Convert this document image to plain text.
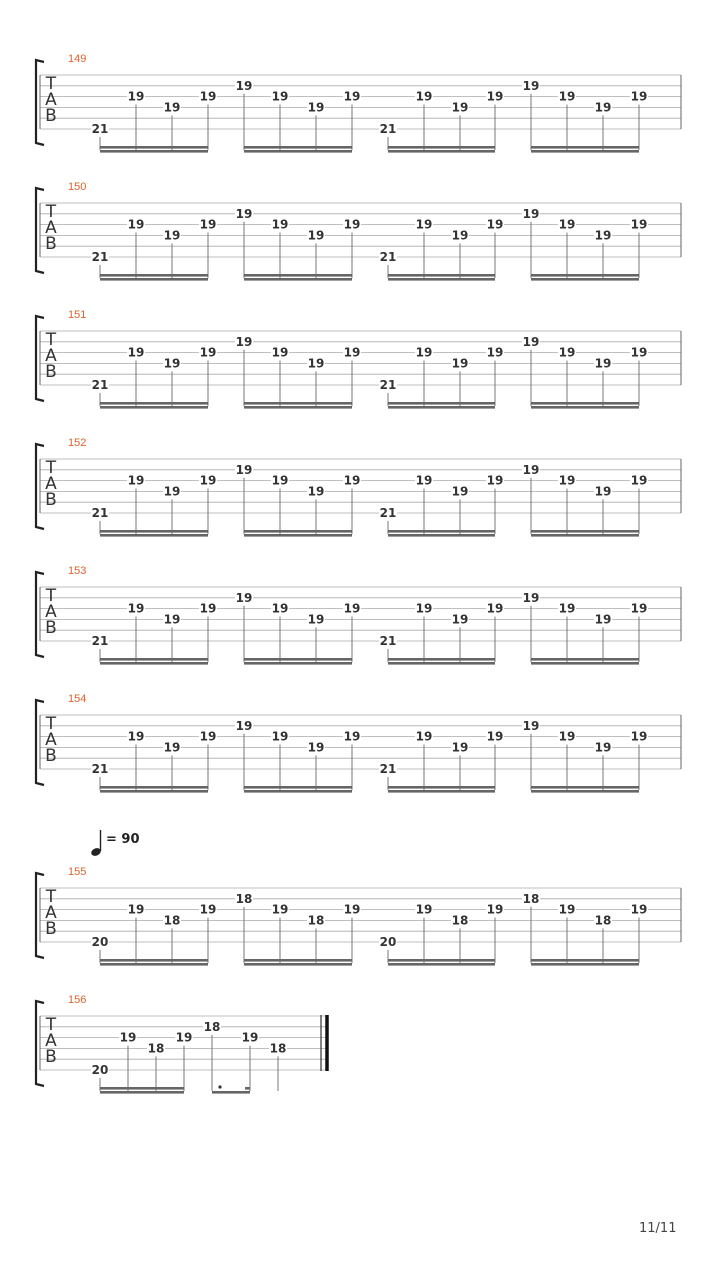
T
A
B
149
21
19
19
19
19
19
19
19
21
19
19
19
19
19
19
19
T
A
B
150
21
19
19
19
19
19
19
19
21
19
19
19
19
19
19
19
T
A
B
151
21
19
19
19
19
19
19
19
21
19
19
19
19
19
19
19
T
A
B
152
21
19
19
19
19
19
19
19
21
19
19
19
19
19
19
19
T
A
B
153
21
19
19
19
19
19
19
19
21
19
19
19
19
19
19
19
T
A
B
154
21
19
19
19
19
19
19
19
21
19
19
19
19
19
19
19
T
A
B
155
20
19
18
19
18
19
18
19
20
19
18
19
18
19
18
19
= 90
T
A
B
156
20
19
18
19
18
19
18
11/11
